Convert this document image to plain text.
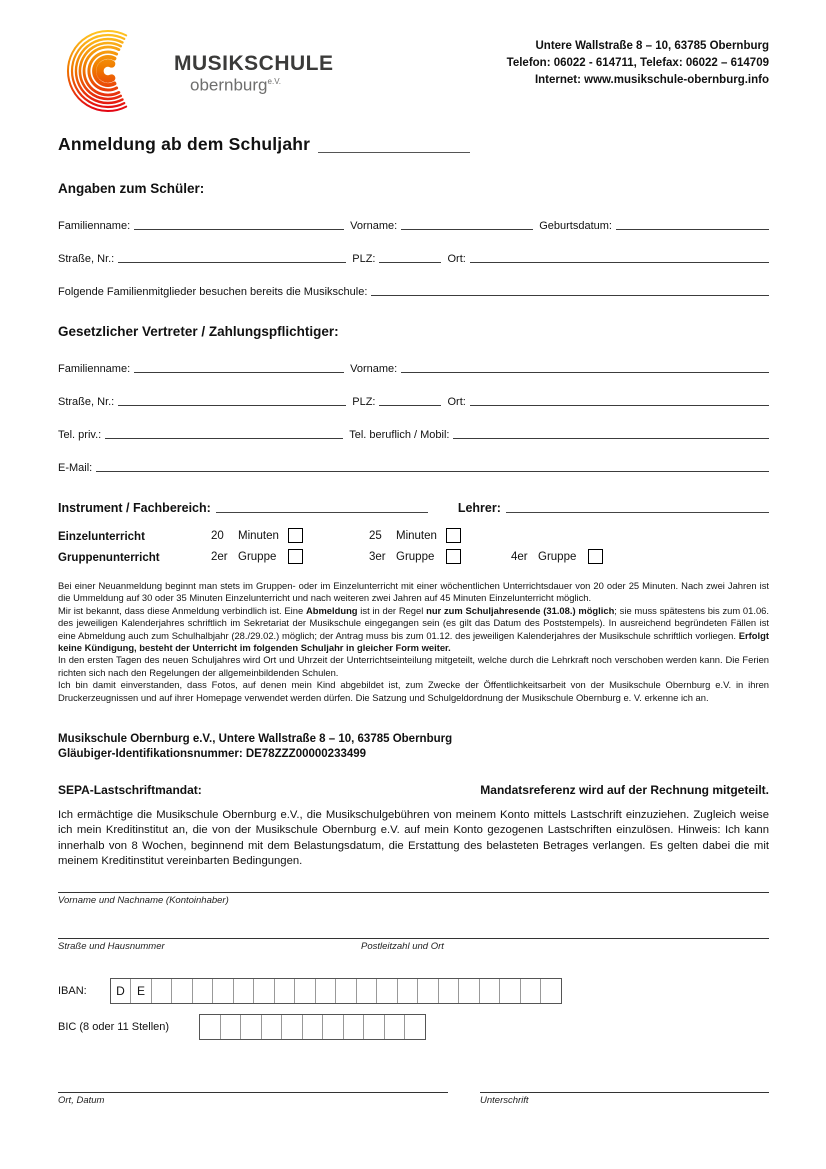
MUSIKSCHULE
obernburg$^{e.V.}$
Untere Wallstraße 8 – 10, 63785 Obernburg
Telefon: 06022 - 614711, Telefax: 06022 – 614709
Internet: www.musikschule-obernburg.info
Anmeldung ab dem Schuljahr
Angaben zum Schüler:
Familienname:	Vorname:	Geburtsdatum:
Straße, Nr.:	PLZ:	Ort:
Folgende Familienmitglieder besuchen bereits die Musikschule:
Gesetzlicher Vertreter / Zahlungspflichtiger:
Familienname:	Vorname:
Straße, Nr.:	PLZ:	Ort:
Tel. priv.:	Tel. beruflich / Mobil:
E-Mail:
Instrument / Fachbereich:	Lehrer:
Einzelunterricht	20	Minuten	25	Minuten
Gruppenunterricht	2er Gruppe	3er Gruppe	4er Gruppe

Bei einer Neuanmeldung beginnt man stets im Gruppen- oder im Einzelunterricht mit einer wöchentlichen Unterrichtsdauer von 20 oder 25 Minuten. Nach zwei Jahren ist die Ummeldung auf 30 oder 35 Minuten Einzelunterricht und nach weiteren zwei Jahren auf 45 Minuten Einzelunterricht möglich.

Mir ist bekannt, dass diese Anmeldung verbindlich ist. Eine Abmeldung ist in der Regel nur zum Schuljahresende (31.08.) möglich; sie muss spätestens bis zum 01.06. des jeweiligen Kalenderjahres schriftlich im Sekretariat der Musikschule eingegangen sein (es gilt das Datum des Poststempels). In ausreichend begründeten Fällen ist eine Abmeldung auch zum Schulhalbjahr (28./29.02.) möglich; der Antrag muss bis zum 01.12. des jeweiligen Kalenderjahres der Musikschule schriftlich vorliegen. Erfolgt keine Kündigung, besteht der Unterricht im folgenden Schuljahr in gleicher Form weiter.

In den ersten Tagen des neuen Schuljahres wird Ort und Uhrzeit der Unterrichtseinteilung mitgeteilt, welche durch die Lehrkraft noch verschoben werden kann. Die Ferien richten sich nach den Regelungen der allgemeinbildenden Schulen.

Ich bin damit einverstanden, dass Fotos, auf denen mein Kind abgebildet ist, zum Zwecke der Öffentlichkeitsarbeit von der Musikschule Obernburg e.V. in ihren Druckerzeugnissen und auf ihrer Homepage verwendet werden dürfen. Die Satzung und Schulgeldordnung der Musikschule Obernburg e. V. erkenne ich an.

Musikschule Obernburg e.V., Untere Wallstraße 8 – 10, 63785 Obernburg
Gläubiger-Identifikationsnummer: DE78ZZZ00000233499
SEPA-Lastschriftmandat:	Mandatsreferenz wird auf der Rechnung mitgeteilt.
Ich ermächtige die Musikschule Obernburg e.V., die Musikschulgebühren von meinem Konto mittels Lastschrift einzuziehen. Zugleich weise ich mein Kreditinstitut an, die von der Musikschule Obernburg e.V. auf mein Konto gezogenen Lastschriften einzulösen. Hinweis: Ich kann innerhalb von 8 Wochen, beginnend mit dem Belastungsdatum, die Erstattung des belasteten Betrages verlangen. Es gelten dabei die mit meinem Kreditinstitut vereinbarten Bedingungen.
Vorname und Nachname (Kontoinhaber)
Straße und Hausnummer	Postleitzahl und Ort
IBAN:	D	E
BIC (8 oder 11 Stellen)
Ort, Datum	Unterschrift
